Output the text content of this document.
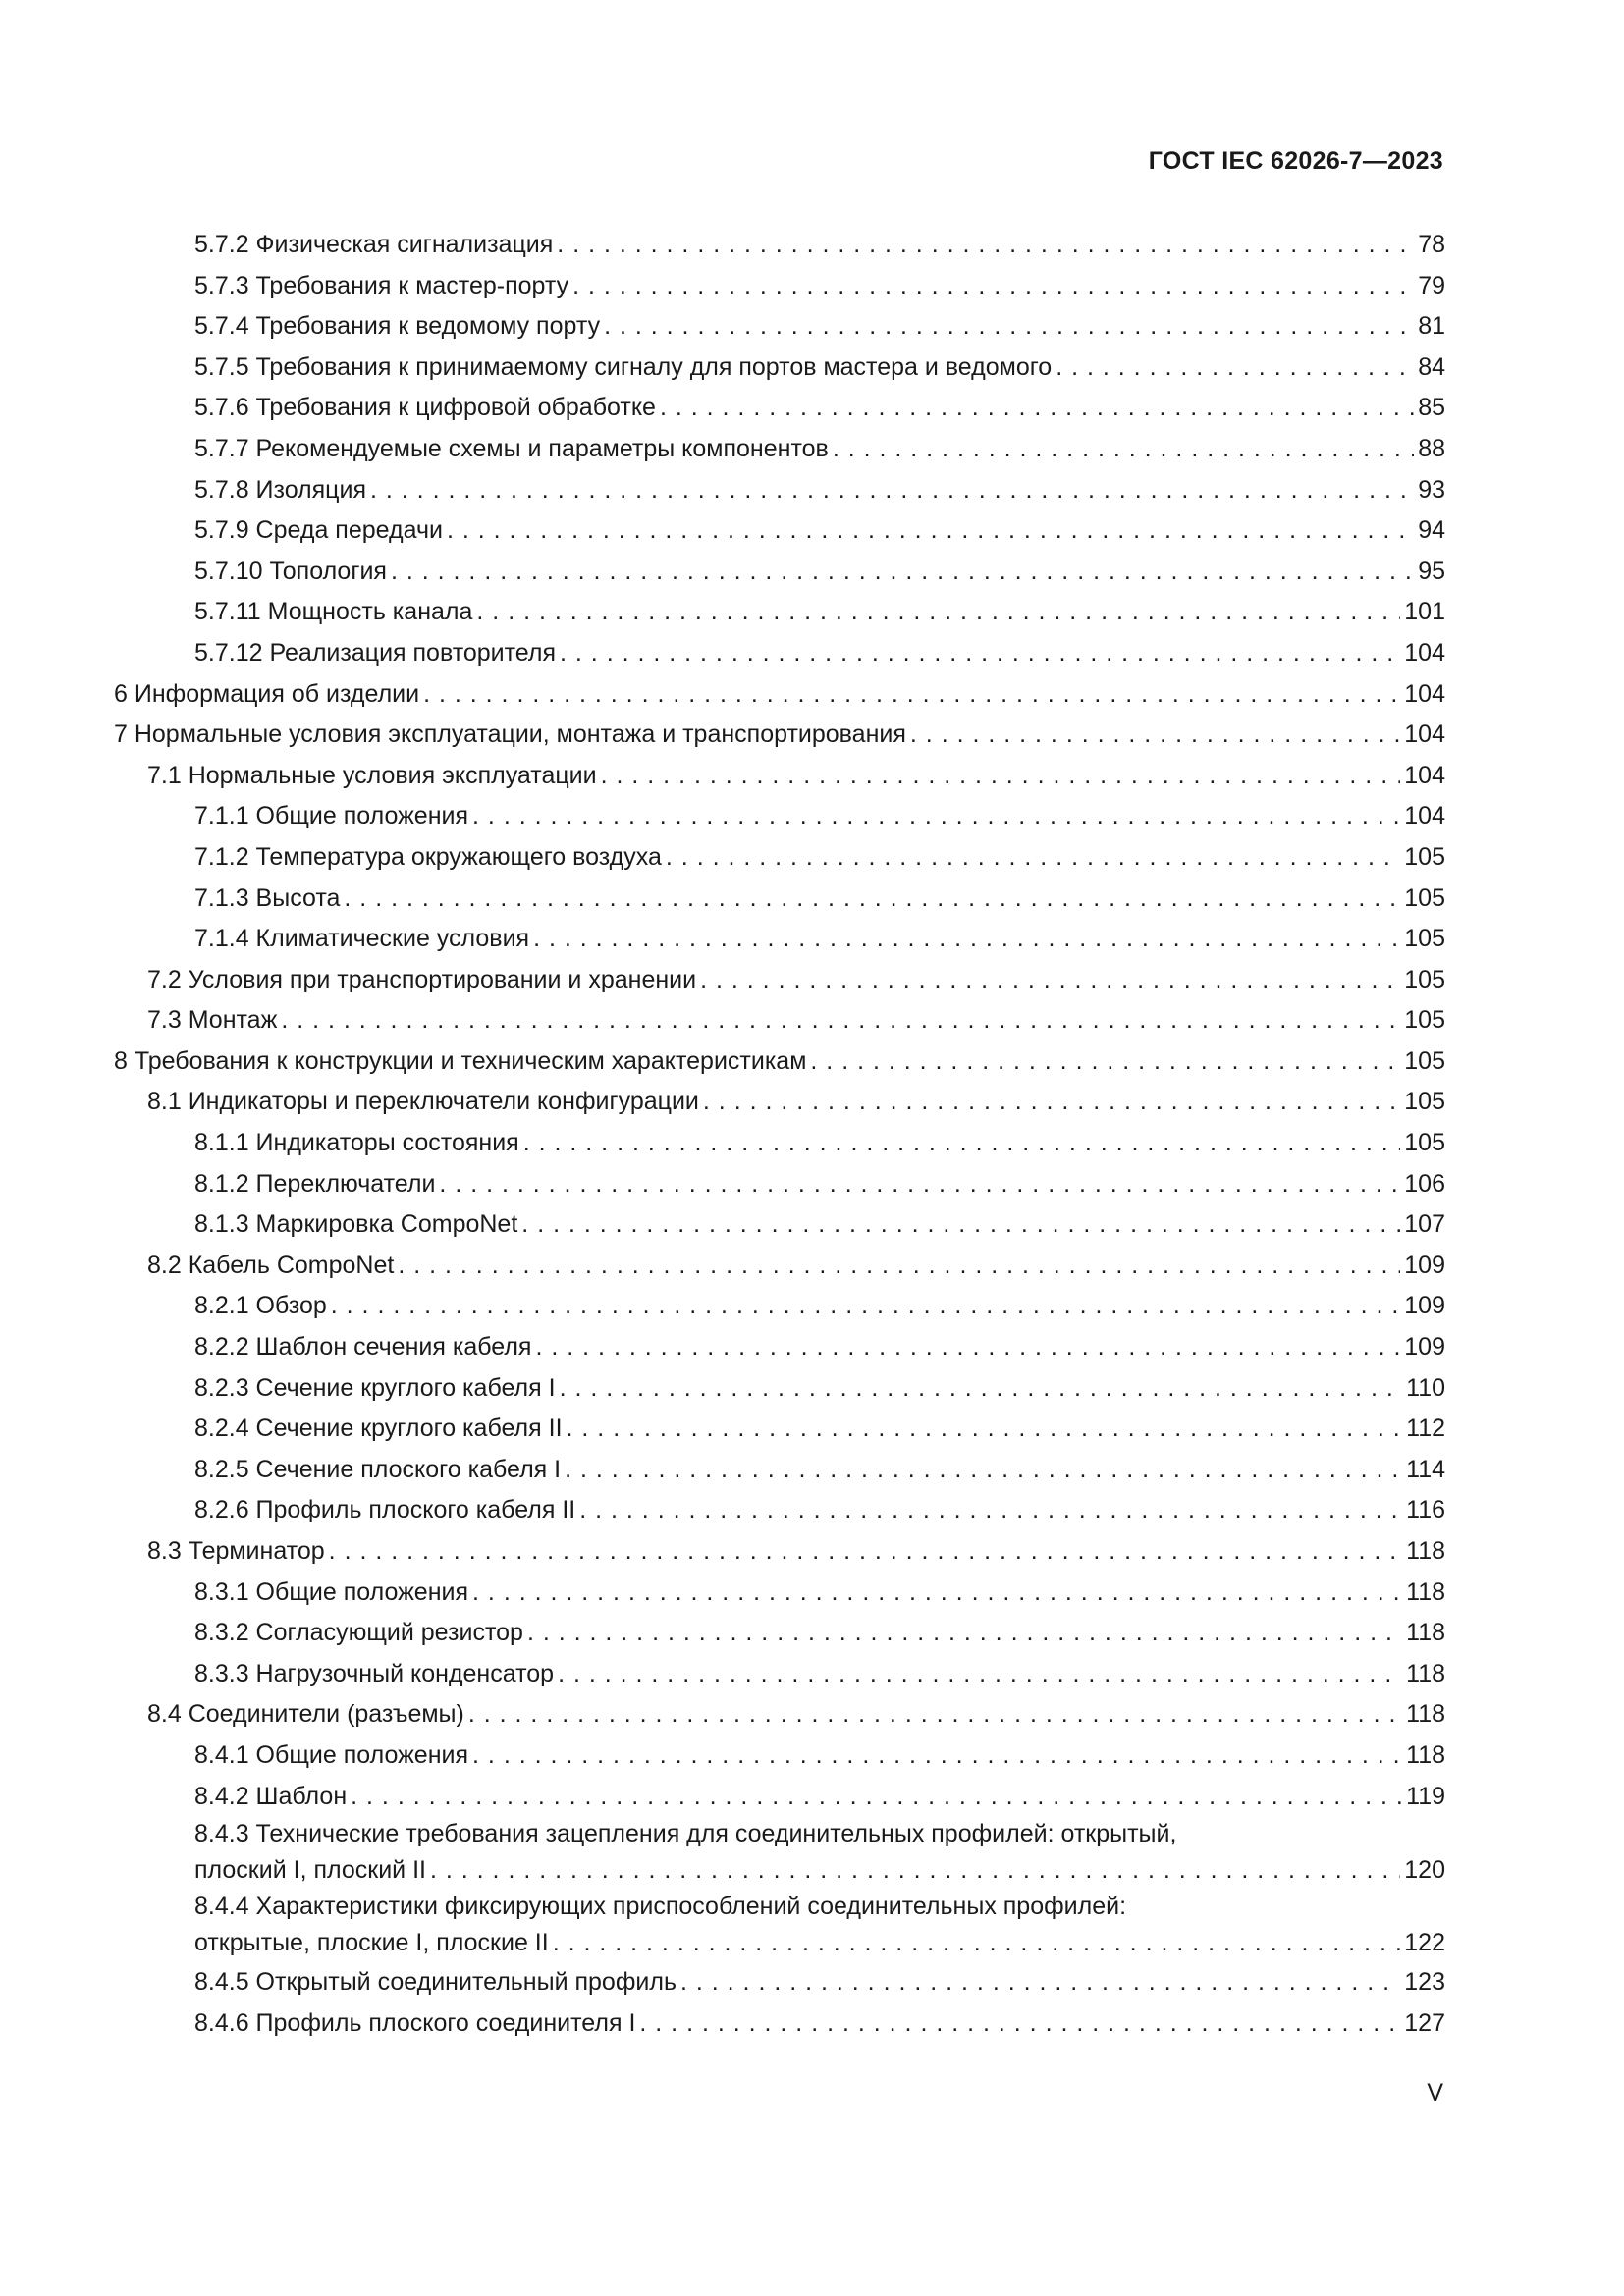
ГОСТ IEC 62026-7—2023
5.7.2 Физическая сигнализация . . .	78
5.7.3 Требования к мастер-порту . . .	79
5.7.4 Требования к ведомому порту . . .	81
5.7.5 Требования к принимаемому сигналу для портов мастера и ведомого . . .	84
5.7.6 Требования к цифровой обработке . . .	85
5.7.7 Рекомендуемые схемы и параметры компонентов . . .	88
5.7.8 Изоляция . . .	93
5.7.9 Среда передачи . . .	94
5.7.10 Топология . . .	95
5.7.11 Мощность канала . . .	101
5.7.12 Реализация повторителя . . .	104
6 Информация об изделии . . .	104
7 Нормальные условия эксплуатации, монтажа и транспортирования . . .	104
7.1 Нормальные условия эксплуатации . . .	104
7.1.1 Общие положения . . .	104
7.1.2 Температура окружающего воздуха . . .	105
7.1.3 Высота . . .	105
7.1.4 Климатические условия . . .	105
7.2 Условия при транспортировании и хранении . . .	105
7.3 Монтаж . . .	105
8 Требования к конструкции и техническим характеристикам . . .	105
8.1 Индикаторы и переключатели конфигурации . . .	105
8.1.1 Индикаторы состояния . . .	105
8.1.2 Переключатели . . .	106
8.1.3 Маркировка CompoNet . . .	107
8.2 Кабель CompoNet . . .	109
8.2.1 Обзор . . .	109
8.2.2 Шаблон сечения кабеля . . .	109
8.2.3 Сечение круглого кабеля I . . .	110
8.2.4 Сечение круглого кабеля II . . .	112
8.2.5 Сечение плоского кабеля I . . .	114
8.2.6 Профиль плоского кабеля II . . .	116
8.3 Терминатор . . .	118
8.3.1 Общие положения . . .	118
8.3.2 Согласующий резистор . . .	118
8.3.3 Нагрузочный конденсатор . . .	118
8.4 Соединители (разъемы) . . .	118
8.4.1 Общие положения . . .	118
8.4.2 Шаблон . . .	119
8.4.3 Технические требования зацепления для соединительных профилей: открытый,
плоский I, плоский II . . .	120
8.4.4 Характеристики фиксирующих приспособлений соединительных профилей:
открытые, плоские I, плоские II . . .	122
8.4.5 Открытый соединительный профиль . . .	123
8.4.6 Профиль плоского соединителя I . . .	127
V
